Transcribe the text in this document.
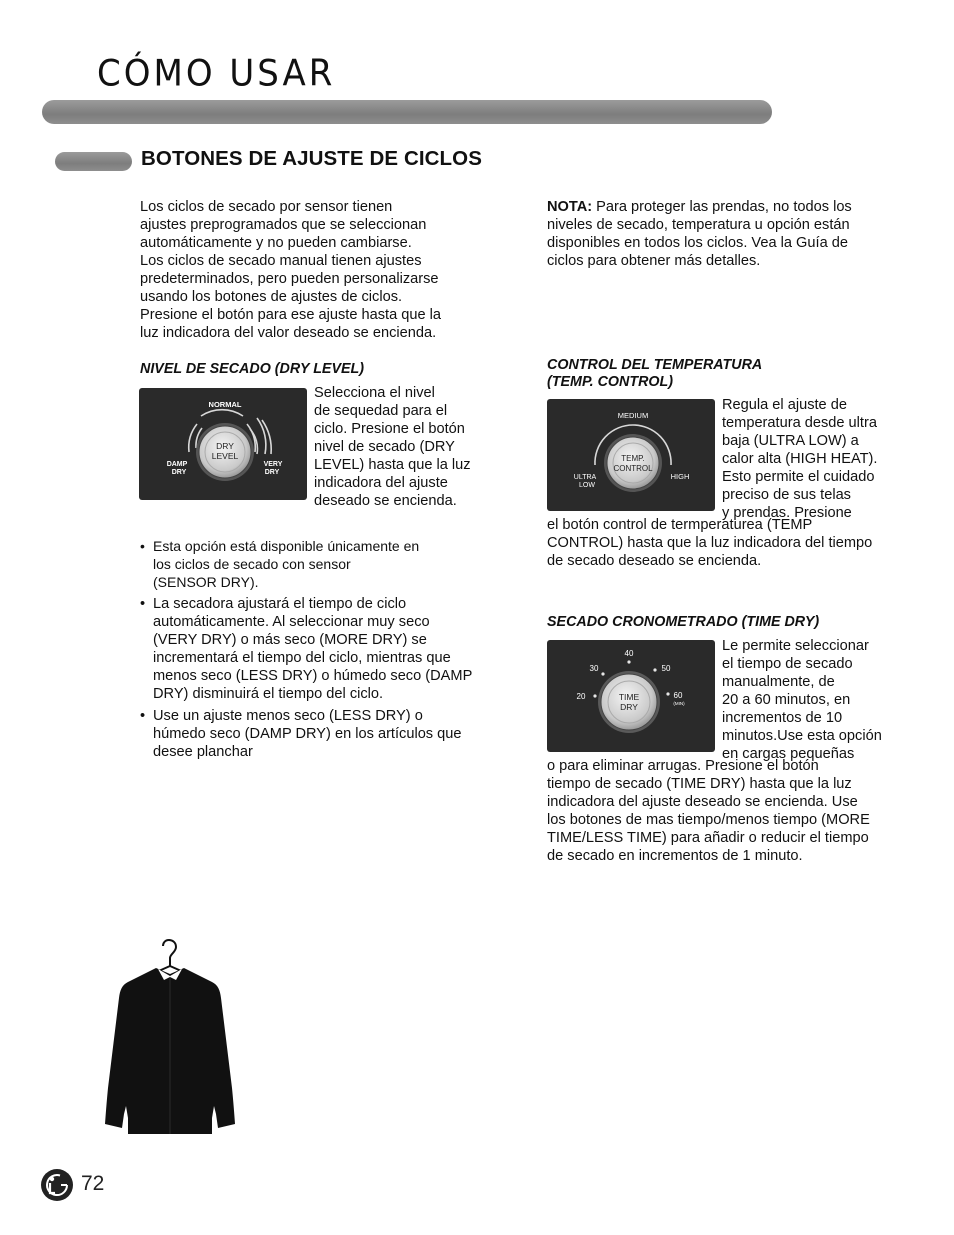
CÓMO USAR
BOTONES DE AJUSTE DE CICLOS
Los ciclos de secado por sensor tienen
ajustes preprogramados que se seleccionan
automáticamente y no pueden cambiarse.
Los ciclos de secado manual tienen ajustes
predeterminados, pero pueden personalizarse
usando los botones de ajustes de ciclos.
Presione el botón para ese ajuste hasta que la
luz indicadora del valor deseado se encienda.
NOTA: Para proteger las prendas, no todos los
niveles de secado, temperatura u opción están
disponibles en todos los ciclos. Vea la Guía de
ciclos para obtener más detalles.
NIVEL DE SECADO (DRY LEVEL)
NORMAL
DRY
LEVEL
DAMP
DRY
VERY
DRY
Selecciona el nivel
de sequedad para el
ciclo. Presione el botón
nivel de secado (DRY
LEVEL) hasta que la luz
indicadora del ajuste
deseado se encienda.
• Esta opción está disponible únicamente en
los ciclos de secado con sensor
(SENSOR DRY).
• La secadora ajustará el tiempo de ciclo
automáticamente. Al seleccionar muy seco
(VERY DRY) o más seco (MORE DRY) se
incrementará el tiempo del ciclo, mientras que
menos seco (LESS DRY) o húmedo seco (DAMP
DRY) disminuirá el tiempo del ciclo.
• Use un ajuste menos seco (LESS DRY) o
húmedo seco (DAMP DRY) en los artículos que
desee planchar
CONTROL DEL TEMPERATURA
(TEMP. CONTROL)
MEDIUM
TEMP.
CONTROL
ULTRA
LOW
HIGH
Regula el ajuste de
temperatura desde ultra
baja (ULTRA LOW) a
calor alta (HIGH HEAT).
Esto permite el cuidado
preciso de sus telas
y prendas. Presione
el botón control de termperaturea (TEMP
CONTROL) hasta que la luz indicadora del tiempo
de secado deseado se encienda.
SECADO CRONOMETRADO (TIME DRY)
20
30
40
50
60
(MIN)
TIME
DRY
Le permite seleccionar
el tiempo de secado
manualmente, de
20 a 60 minutos, en
incrementos de 10
minutos.Use esta opción
en cargas pequeñas
o para eliminar arrugas. Presione el botón
tiempo de secado (TIME DRY) hasta que la luz
indicadora del ajuste deseado se encienda. Use
los botones de mas tiempo/menos tiempo (MORE
TIME/LESS TIME) para añadir o reducir el tiempo
de secado en incrementos de 1 minuto.
72
